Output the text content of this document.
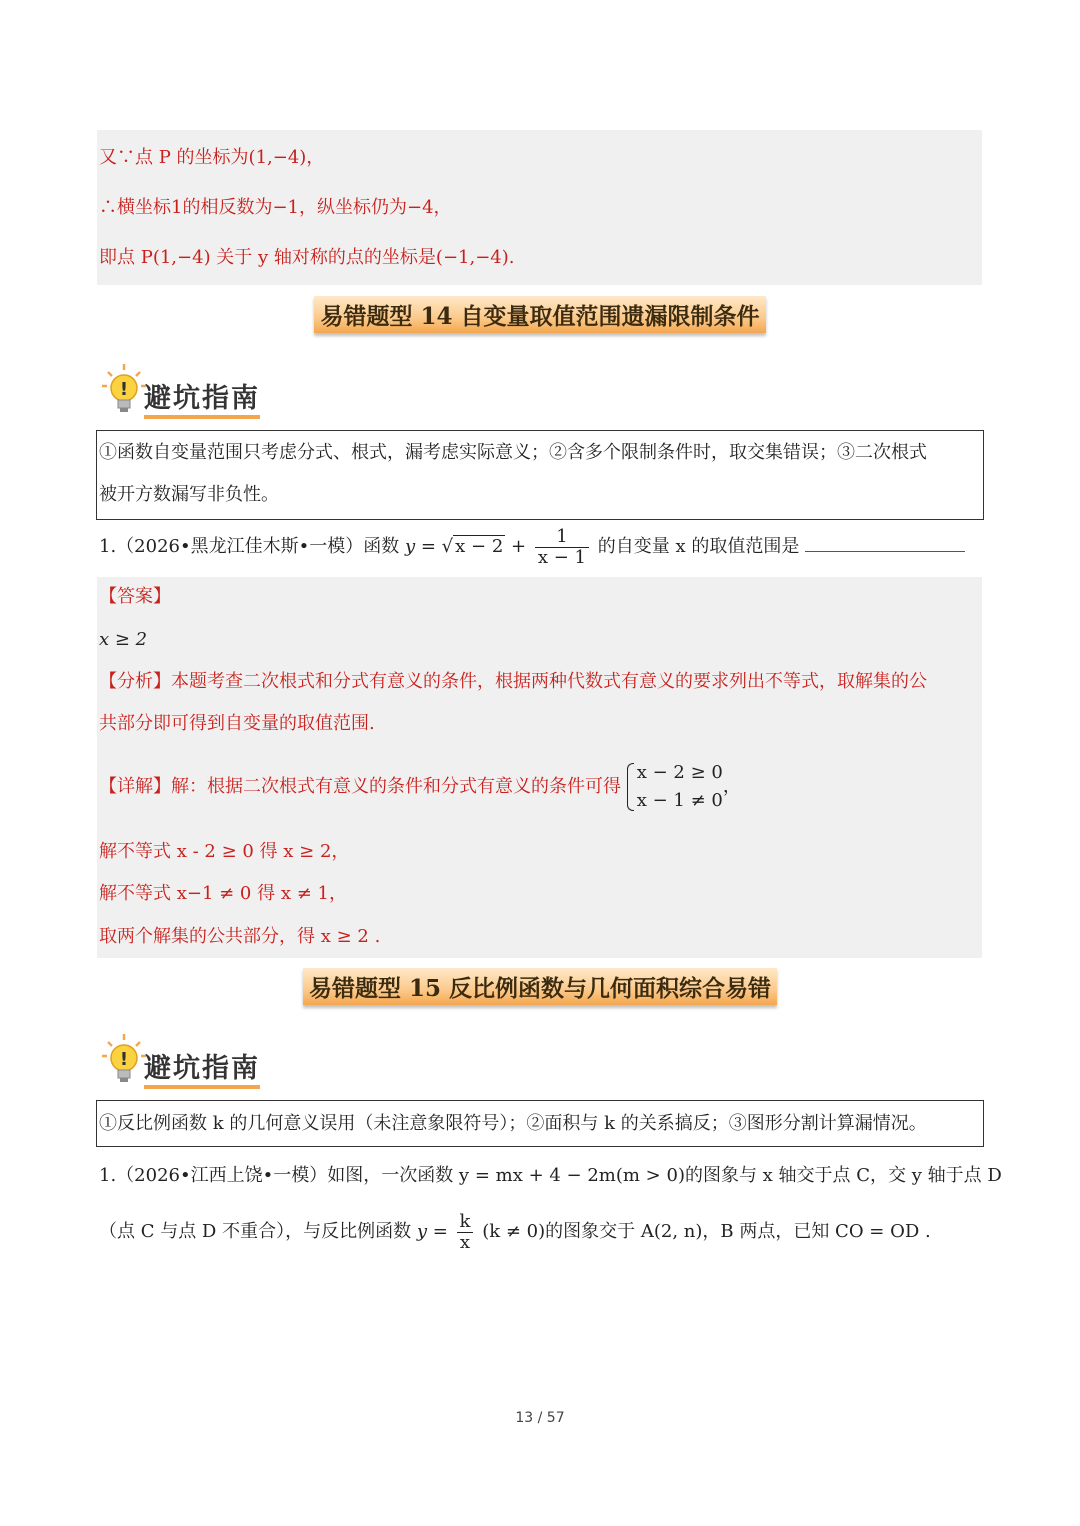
又∵点 P 的坐标为(1,−4)，
∴横坐标1的相反数为−1，纵坐标仍为−4，
即点 P(1,−4) 关于 y 轴对称的点的坐标是(−1,−4).
易错题型 14 自变量取值范围遗漏限制条件
! 避坑指南
①函数自变量范围只考虑分式、根式，漏考虑实际意义；②含多个限制条件时，取交集错误；③二次根式
被开方数漏写非负性。
1.（2026•黑龙江佳木斯•一模）函数 y = √ $x - 2 + \frac{1}{x - 1}$ 的自变量 x 的取值范围是
【答案】
x ≥ 2
【分析】本题考查二次根式和分式有意义的条件，根据两种代数式有意义的要求列出不等式，取解集的公
共部分即可得到自变量的取值范围.
【详解】解：根据二次根式有意义的条件和分式有意义的条件可得
x − 2 ≥ 0
x − 1 ≠ 0
，
解不等式 x - 2 ≥ 0 得 x ≥ 2，
解不等式 x−1 ≠ 0 得 x ≠ 1，
取两个解集的公共部分，得 x ≥ 2 .
易错题型 15 反比例函数与几何面积综合易错
! 避坑指南
①反比例函数 k 的几何意义误用（未注意象限符号）；②面积与 k 的关系搞反；③图形分割计算漏情况。
1.（2026•江西上饶•一模）如图，一次函数 y = mx + 4 − 2m(m > 0)的图象与 x 轴交于点 C，交 y 轴于点 D
（点 C 与点 D 不重合），与反比例函数 $y = \frac{k}{x} (k \ne 0)$的图象交于 A(2, n)，B 两点，已知 CO = OD .
13 / 57
